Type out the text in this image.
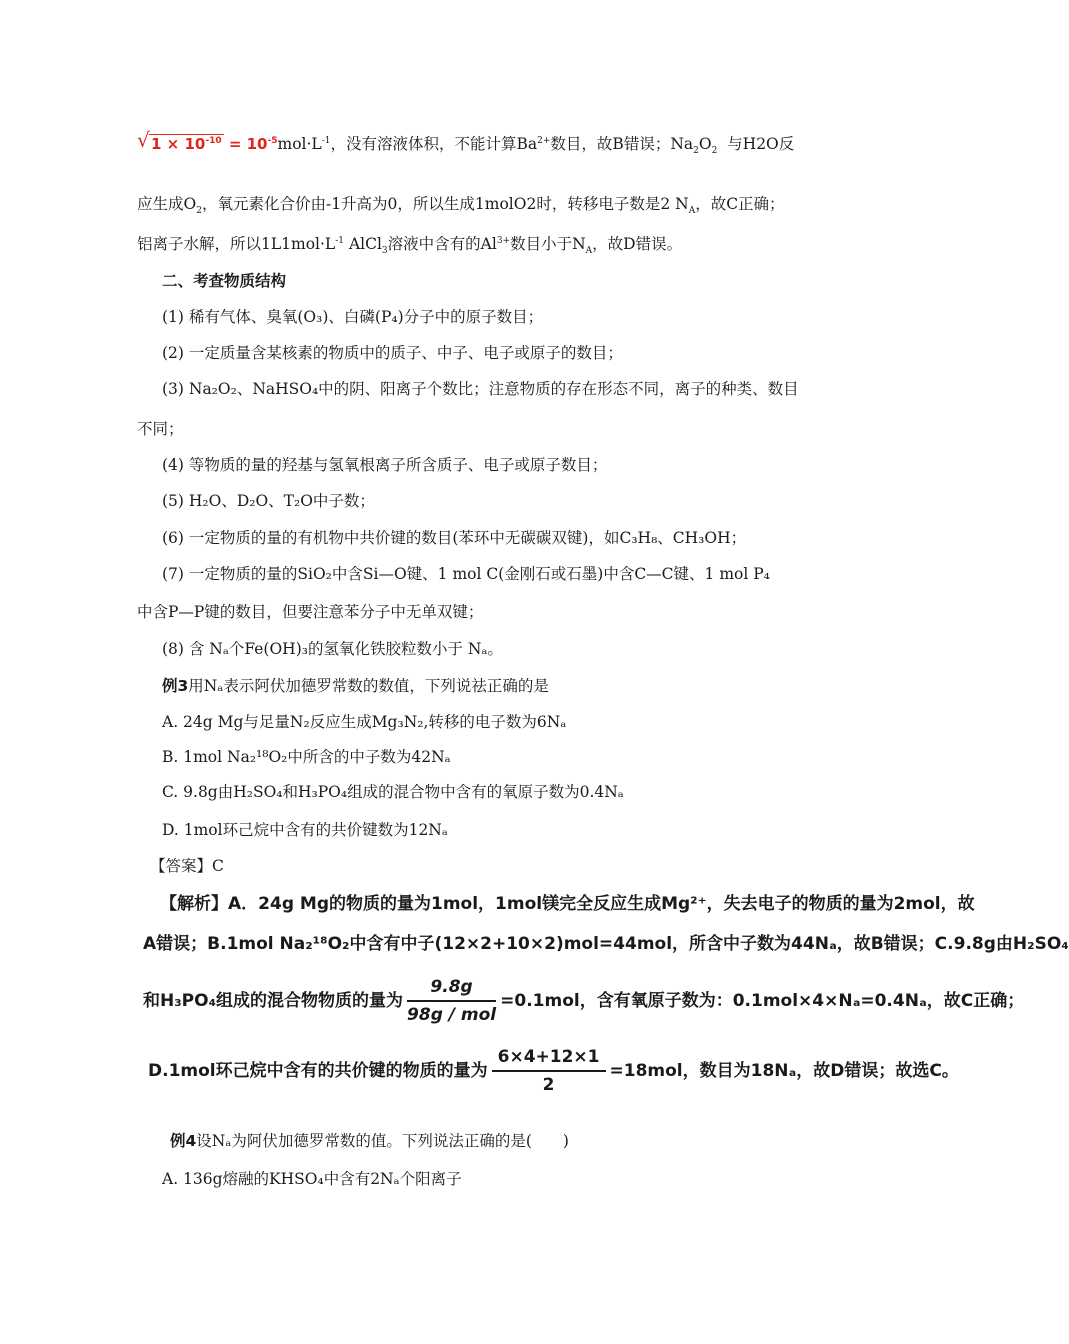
√ $1 \times 10^{-10} = 10^{-5}mol\cdot L^{-1}$，没有溶液体积，不能计算$Ba^{2+}$数目，故B错误；$Na_2O_2$ 与H2O反
应生成$O_2$，氧元素化合价由-1升高为0，所以生成1molO2时，转移电子数是2 $N_A$，故C正确；
铝离子水解，所以$1L1mol\cdot L^{-1}$ AlCl$_3$溶液中含有的$Al^{3+}$数目小于$N_A$，故D错误。
二、考查物质结构
(1) 稀有气体、臭氧(O₃)、白磷(P₄)分子中的原子数目；
(2) 一定质量含某核素的物质中的质子、中子、电子或原子的数目；
(3) Na₂O₂、NaHSO₄中的阴、阳离子个数比；注意物质的存在形态不同，离子的种类、数目
不同；
(4) 等物质的量的羟基与氢氧根离子所含质子、电子或原子数目；
(5) H₂O、D₂O、T₂O中子数；
(6) 一定物质的量的有机物中共价键的数目(苯环中无碳碳双键)，如C₃H₈、CH₃OH；
(7) 一定物质的量的SiO₂中含Si—O键、1 mol C(金刚石或石墨)中含C—C键、1 mol P₄
中含P—P键的数目，但要注意苯分子中无单双键；
(8) 含 Nₐ个Fe(OH)₃的氢氧化铁胶粒数小于 Nₐ。
例3用Nₐ表示阿伏加德罗常数的数值，下列说祛正确的是
A. 24g Mg与足量N₂反应生成Mg₃N₂,转移的电子数为6Nₐ
B. 1mol Na₂¹⁸O₂中所含的中子数为42Nₐ
C. 9.8g由H₂SO₄和H₃PO₄组成的混合物中含有的氧原子数为0.4Nₐ
D. 1mol环己烷中含有的共价键数为12Nₐ
【答案】C
【解析】A．24g Mg的物质的量为1mol，1mol镁完全反应生成Mg²⁺，失去电子的物质的量为2mol，故
A错误；B.1mol Na₂¹⁸O₂中含有中子(12×2+10×2)mol=44mol，所含中子数为44Nₐ，故B错误；C.9.8g由H₂SO₄
和H₃PO₄组成的混合物物质的量为 $\frac{9.8g}{\text{98g / mol}} =0.1mol$，含有氧原子数为：0.1mol×4×Nₐ=0.4Nₐ，故C正确；
D.1mol环己烷中含有的共价键的物质的量为 $\frac{6\times 4+12\times 1}{2} =18mol$，数目为18Nₐ，故D错误；故选C。
例4设Nₐ为阿伏加德罗常数的值。下列说法正确的是(　　)
A. 136g熔融的KHSO₄中含有2Nₐ个阳离子
